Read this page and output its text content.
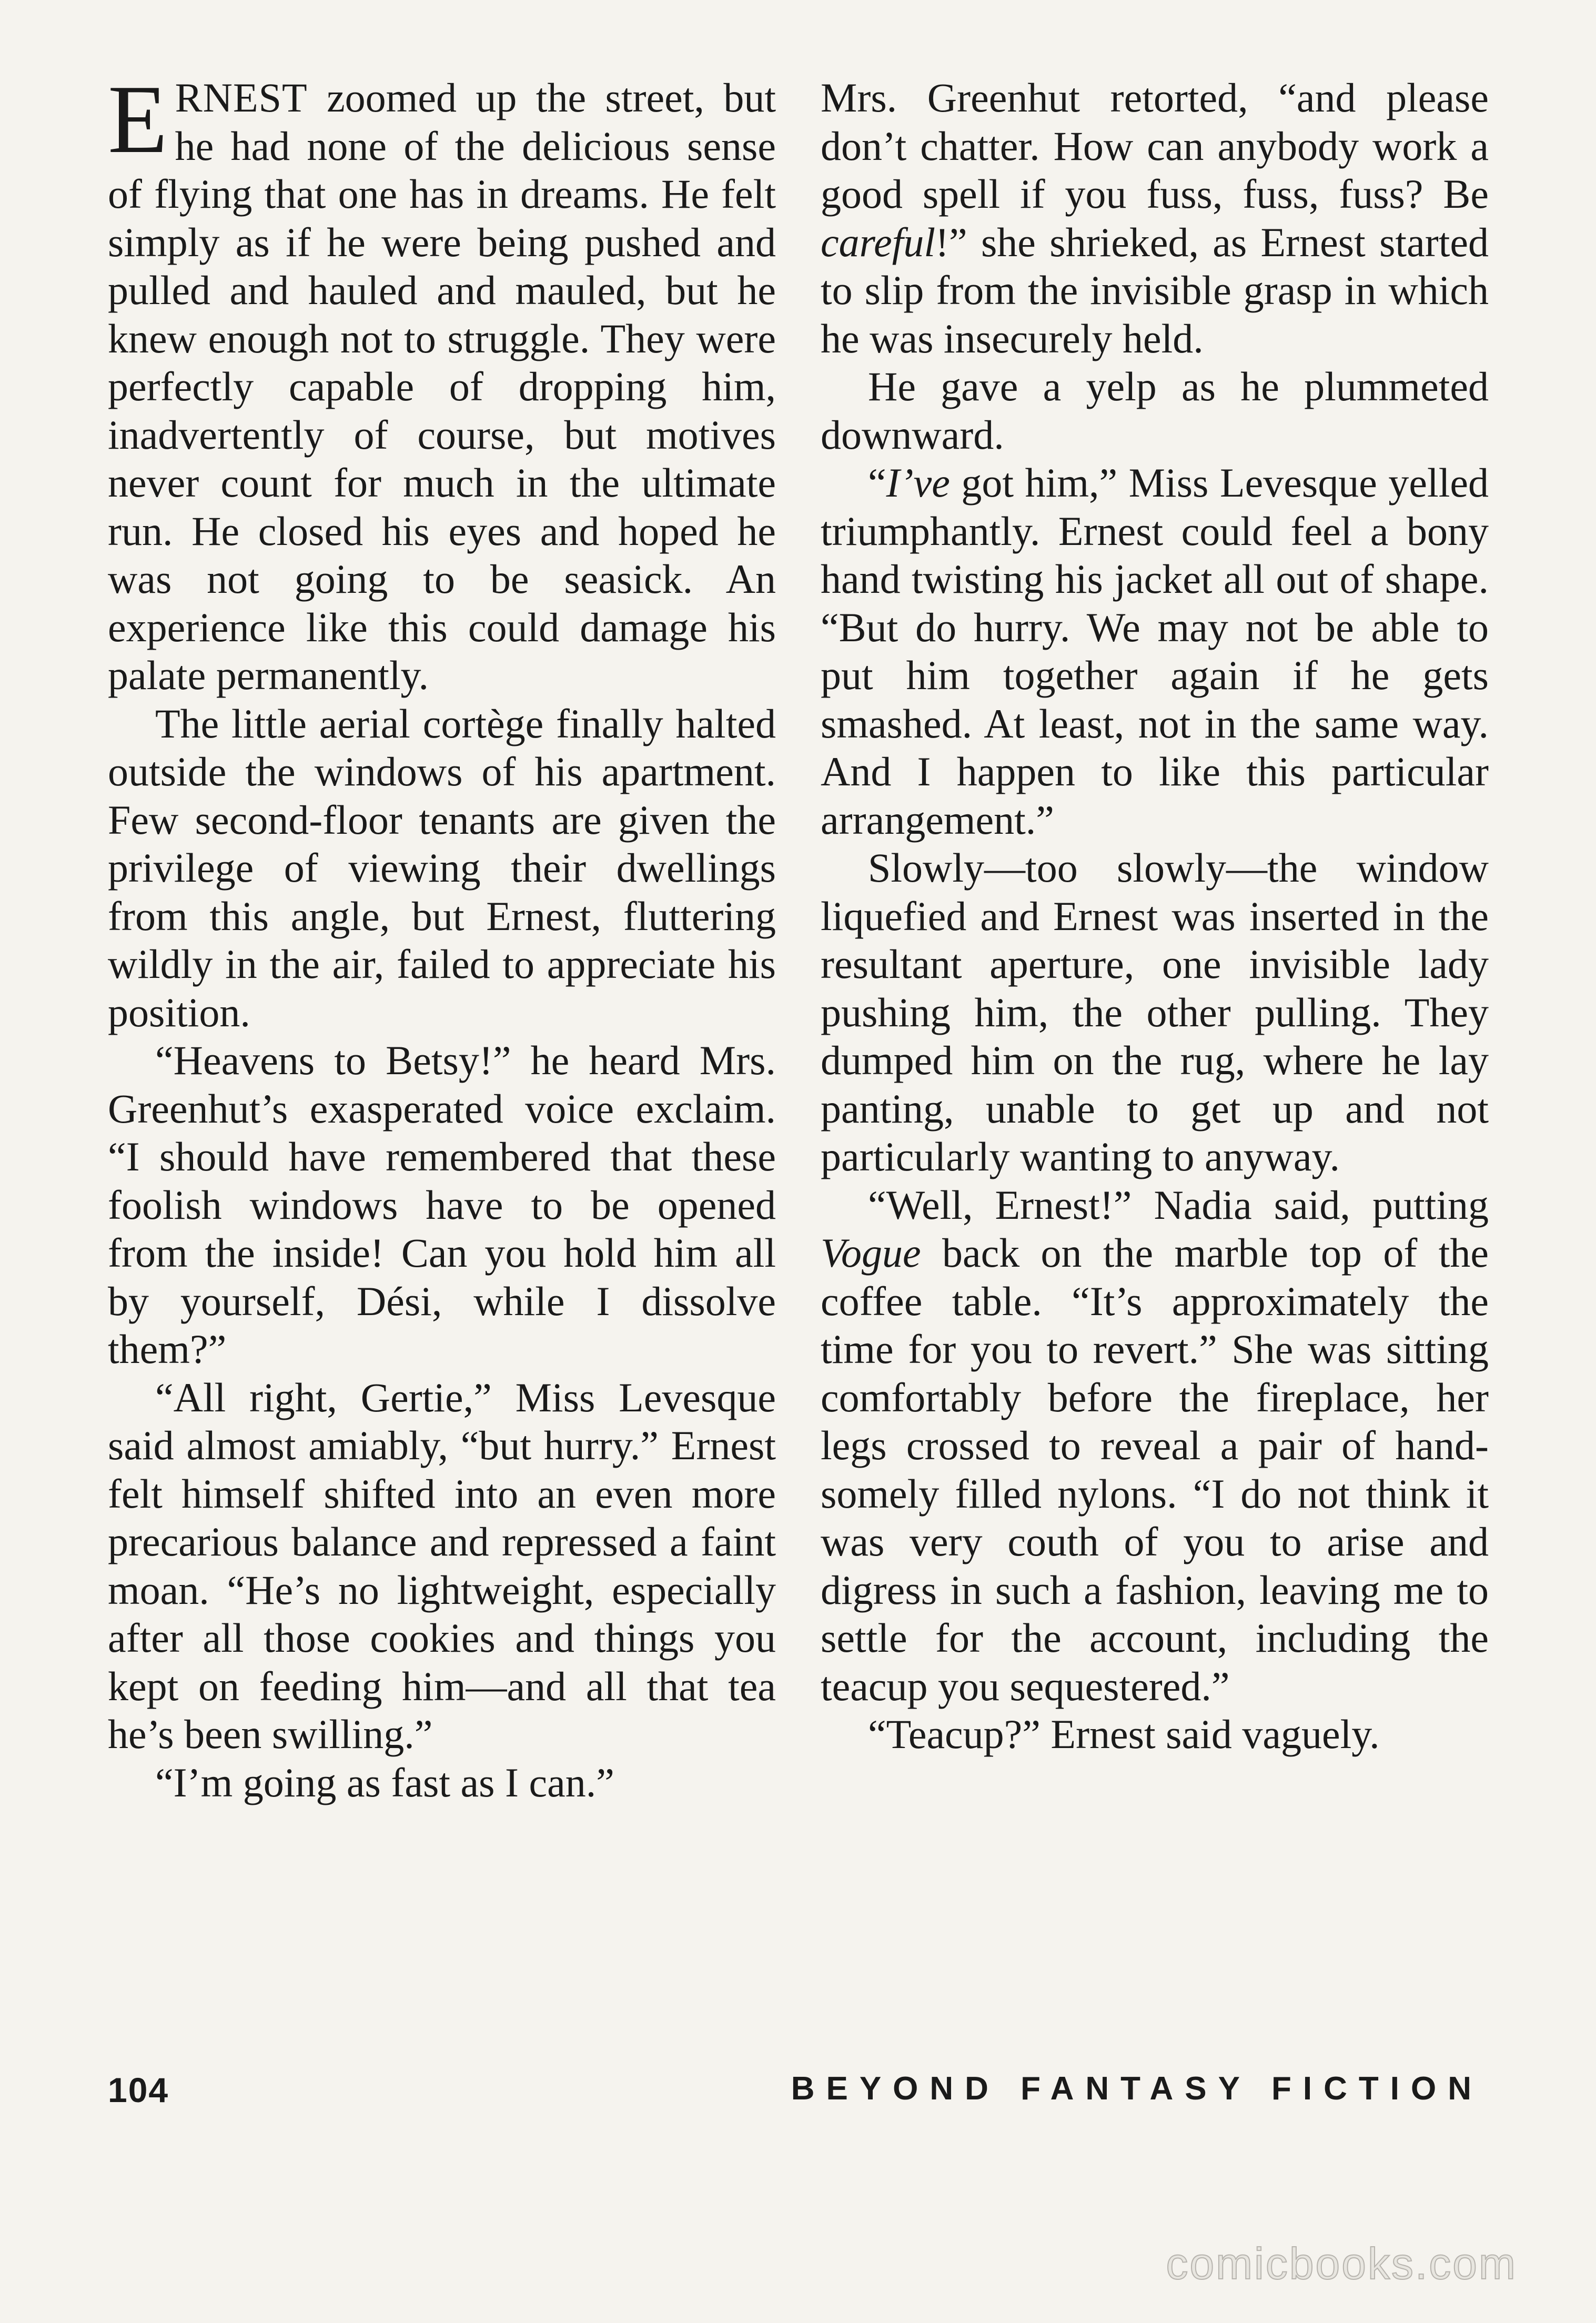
ERNEST zoomed up the street, but he had none of the delicious sense of flying that one has in dreams. He felt simply as if he were being pushed and pulled and hauled and mauled, but he knew enough not to struggle. They were perfectly capable of dropping him, inadvertently of course, but motives never count for much in the ultimate run. He closed his eyes and hoped he was not going to be seasick. An experience like this could damage his palate permanently.

The little aerial cortège finally halted outside the windows of his apartment. Few second-floor tenants are given the privilege of viewing their dwellings from this angle, but Ernest, fluttering wildly in the air, failed to appreciate his position.

“Heavens to Betsy!” he heard Mrs. Greenhut’s exasperated voice exclaim. “I should have remembered that these foolish windows have to be opened from the inside! Can you hold him all by yourself, Dési, while I dissolve them?”

“All right, Gertie,” Miss Levesque said almost amiably, “but hurry.” Ernest felt himself shifted into an even more precarious balance and repressed a faint moan. “He’s no lightweight, especially after all those cookies and things you kept on feeding him—and all that tea he’s been swilling.”

“I’m going as fast as I can.”

Mrs. Greenhut retorted, “and please don’t chatter. How can anybody work a good spell if you fuss, fuss, fuss? Be careful!” she shrieked, as Ernest started to slip from the invisible grasp in which he was insecurely held.

He gave a yelp as he plummeted downward.

“I’ve got him,” Miss Levesque yelled triumphantly. Ernest could feel a bony hand twisting his jacket all out of shape. “But do hurry. We may not be able to put him together again if he gets smashed. At least, not in the same way. And I happen to like this particular arrangement.”

Slowly—too slowly—the window liquefied and Ernest was inserted in the resultant aperture, one invisible lady pushing him, the other pulling. They dumped him on the rug, where he lay panting, unable to get up and not particularly wanting to anyway.

“Well, Ernest!” Nadia said, putting Vogue back on the marble top of the coffee table. “It’s approximately the time for you to revert.” She was sitting comfortably before the fireplace, her legs crossed to reveal a pair of handsomely filled nylons. “I do not think it was very couth of you to arise and digress in such a fashion, leaving me to settle for the account, including the teacup you sequestered.”

“Teacup?” Ernest said vaguely.

104	BEYOND FANTASY FICTION
comicbooks.com
